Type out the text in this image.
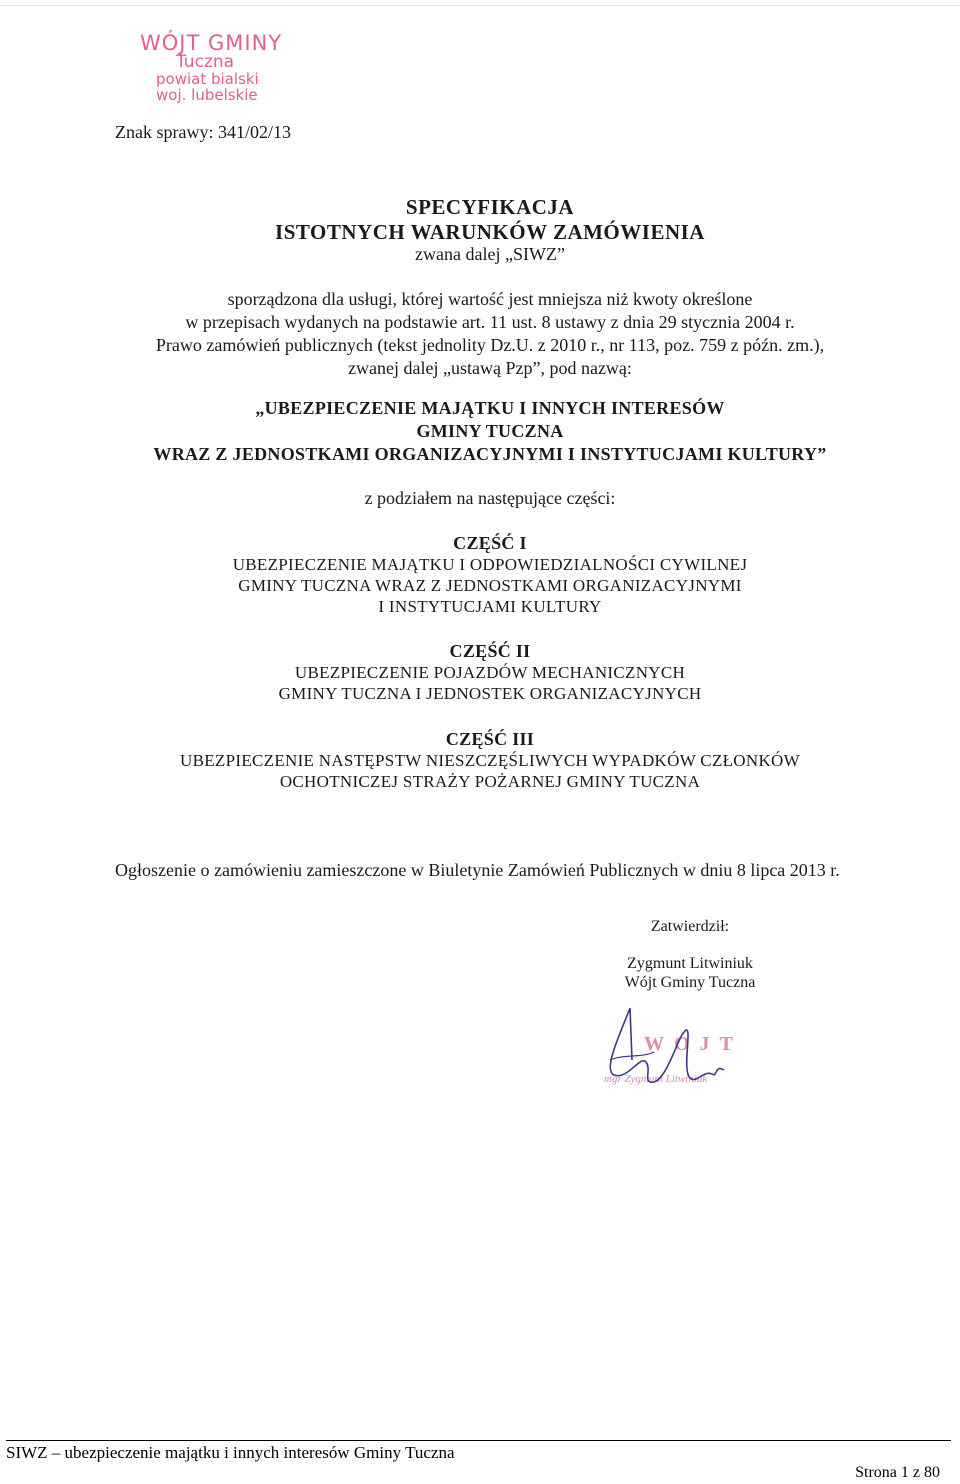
WÓJT GMINY
Tuczna
powiat bialski
woj. lubelskie
Znak sprawy: 341/02/13
SPECYFIKACJA
ISTOTNYCH WARUNKÓW ZAMÓWIENIA
zwana dalej „SIWZ”
sporządzona dla usługi, której wartość jest mniejsza niż kwoty określone
w przepisach wydanych na podstawie art. 11 ust. 8 ustawy z dnia 29 stycznia 2004 r.
Prawo zamówień publicznych (tekst jednolity Dz.U. z 2010 r., nr 113, poz. 759 z późn. zm.),
zwanej dalej „ustawą Pzp”, pod nazwą:
„UBEZPIECZENIE MAJĄTKU I INNYCH INTERESÓW
GMINY TUCZNA
WRAZ Z JEDNOSTKAMI ORGANIZACYJNYMI I INSTYTUCJAMI KULTURY”
z podziałem na następujące części:
CZĘŚĆ I
UBEZPIECZENIE MAJĄTKU I ODPOWIEDZIALNOŚCI CYWILNEJ
GMINY TUCZNA WRAZ Z JEDNOSTKAMI ORGANIZACYJNYMI
I INSTYTUCJAMI KULTURY
CZĘŚĆ II
UBEZPIECZENIE POJAZDÓW MECHANICZNYCH
GMINY TUCZNA I JEDNOSTEK ORGANIZACYJNYCH
CZĘŚĆ III
UBEZPIECZENIE NASTĘPSTW NIESZCZĘŚLIWYCH WYPADKÓW CZŁONKÓW
OCHOTNICZEJ STRAŻY POŻARNEJ GMINY TUCZNA
Ogłoszenie o zamówieniu zamieszczone w Biuletynie Zamówień Publicznych w dniu 8 lipca 2013 r.
Zatwierdził:
Zygmunt Litwiniuk
Wójt Gminy Tuczna
WÓJT
mgr Zygmunt Litwiniuk
SIWZ – ubezpieczenie majątku i innych interesów Gminy Tuczna
Strona 1 z 80
